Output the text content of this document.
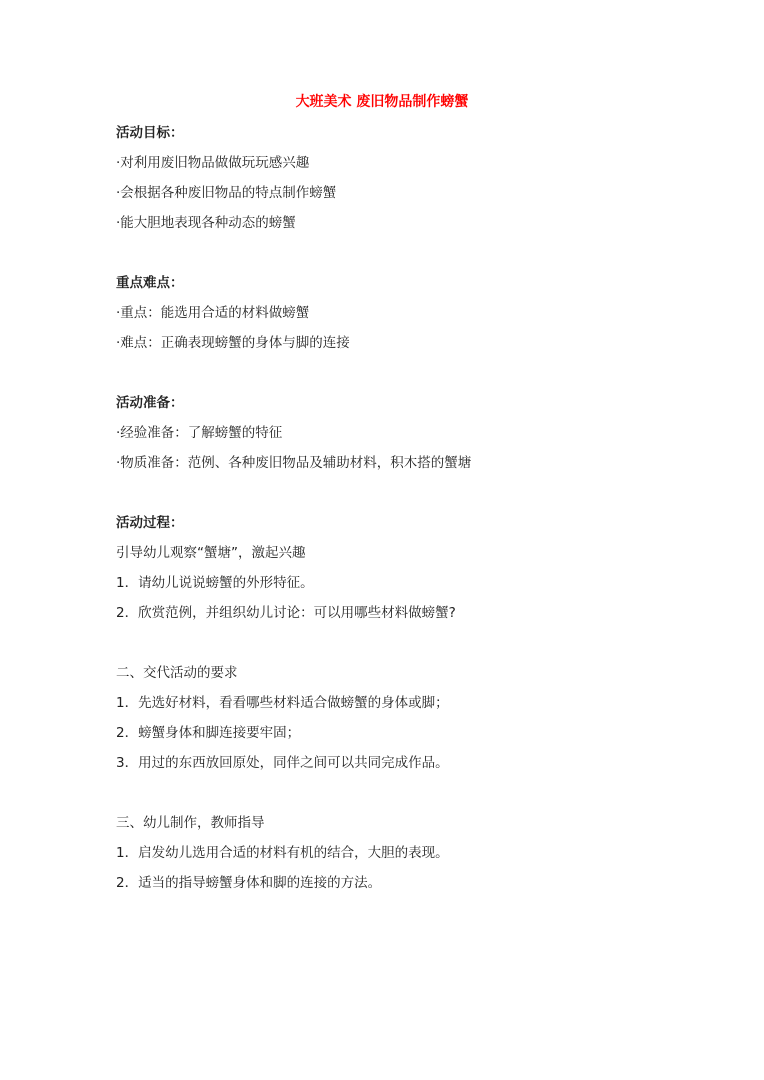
大班美术 废旧物品制作螃蟹
活动目标：
·对利用废旧物品做做玩玩感兴趣
·会根据各种废旧物品的特点制作螃蟹
·能大胆地表现各种动态的螃蟹
重点难点：
·重点：能选用合适的材料做螃蟹
·难点：正确表现螃蟹的身体与脚的连接
活动准备：
·经验准备：了解螃蟹的特征
·物质准备：范例、各种废旧物品及辅助材料，积木搭的蟹塘
活动过程：
引导幼儿观察“蟹塘”，激起兴趣
1．请幼儿说说螃蟹的外形特征。
2．欣赏范例，并组织幼儿讨论：可以用哪些材料做螃蟹?
二、交代活动的要求
1．先选好材料，看看哪些材料适合做螃蟹的身体或脚；
2．螃蟹身体和脚连接要牢固；
3．用过的东西放回原处，同伴之间可以共同完成作品。
三、幼儿制作，教师指导
1．启发幼儿选用合适的材料有机的结合，大胆的表现。
2．适当的指导螃蟹身体和脚的连接的方法。
